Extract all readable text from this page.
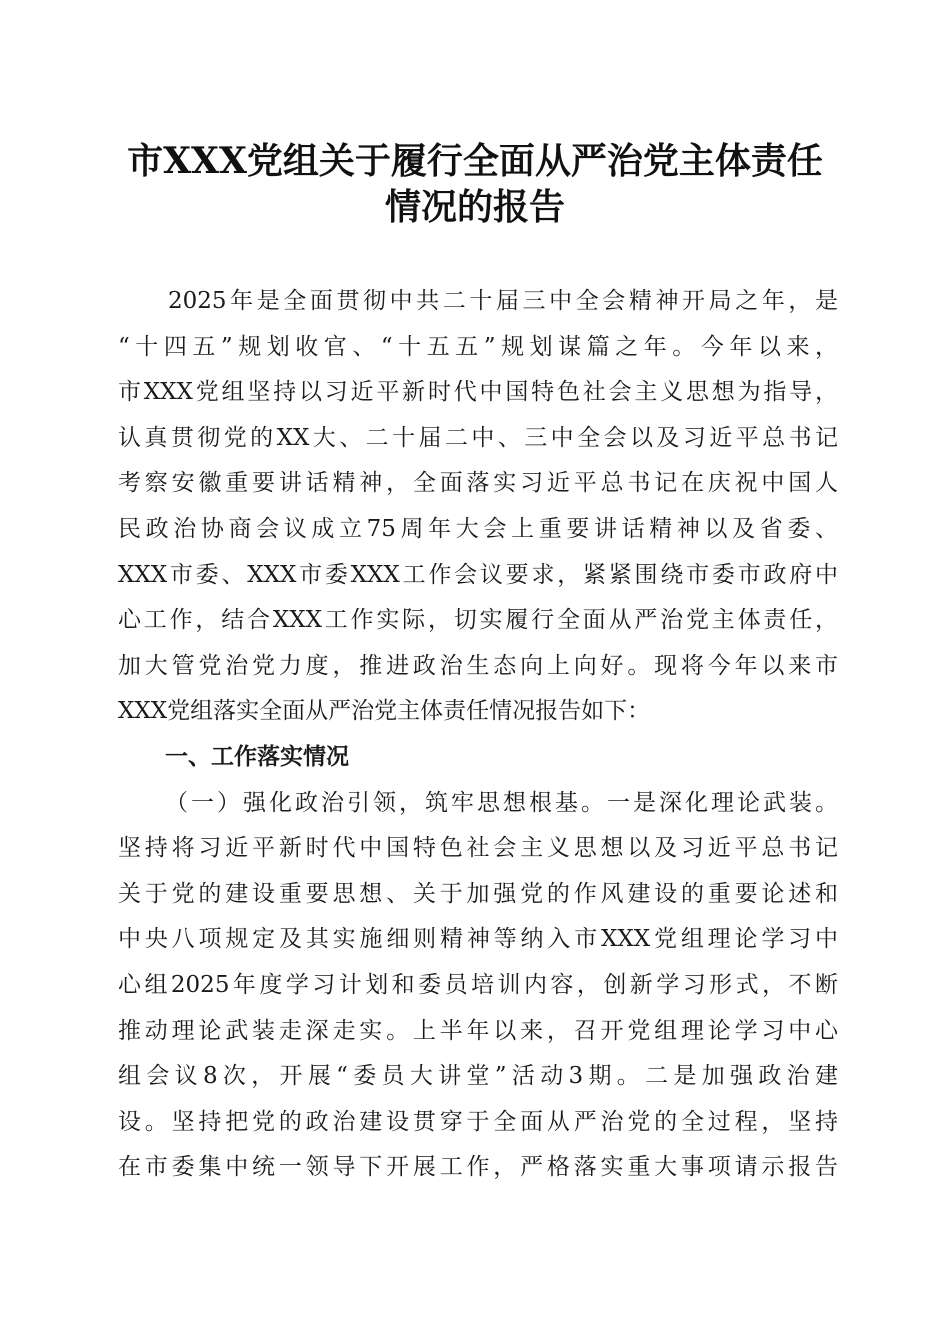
市XXX党组关于履行全面从严治党主体责任
情况的报告
2025年是全面贯彻中共二十届三中全会精神开局之年，是
“十四五”规划收官、“十五五”规划谋篇之年。今年以来，
市XXX党组坚持以习近平新时代中国特色社会主义思想为指导，
认真贯彻党的XX大、二十届二中、三中全会以及习近平总书记
考察安徽重要讲话精神，全面落实习近平总书记在庆祝中国人
民政治协商会议成立75周年大会上重要讲话精神以及省委、
XXX市委、XXX市委XXX工作会议要求，紧紧围绕市委市政府中
心工作，结合XXX工作实际，切实履行全面从严治党主体责任，
加大管党治党力度，推进政治生态向上向好。现将今年以来市
XXX党组落实全面从严治党主体责任情况报告如下：
一、工作落实情况
（一）强化政治引领，筑牢思想根基。一是深化理论武装。
坚持将习近平新时代中国特色社会主义思想以及习近平总书记
关于党的建设重要思想、关于加强党的作风建设的重要论述和
中央八项规定及其实施细则精神等纳入市XXX党组理论学习中
心组2025年度学习计划和委员培训内容，创新学习形式，不断
推动理论武装走深走实。上半年以来，召开党组理论学习中心
组会议8次，开展“委员大讲堂”活动3期。二是加强政治建
设。坚持把党的政治建设贯穿于全面从严治党的全过程，坚持
在市委集中统一领导下开展工作，严格落实重大事项请示报告
